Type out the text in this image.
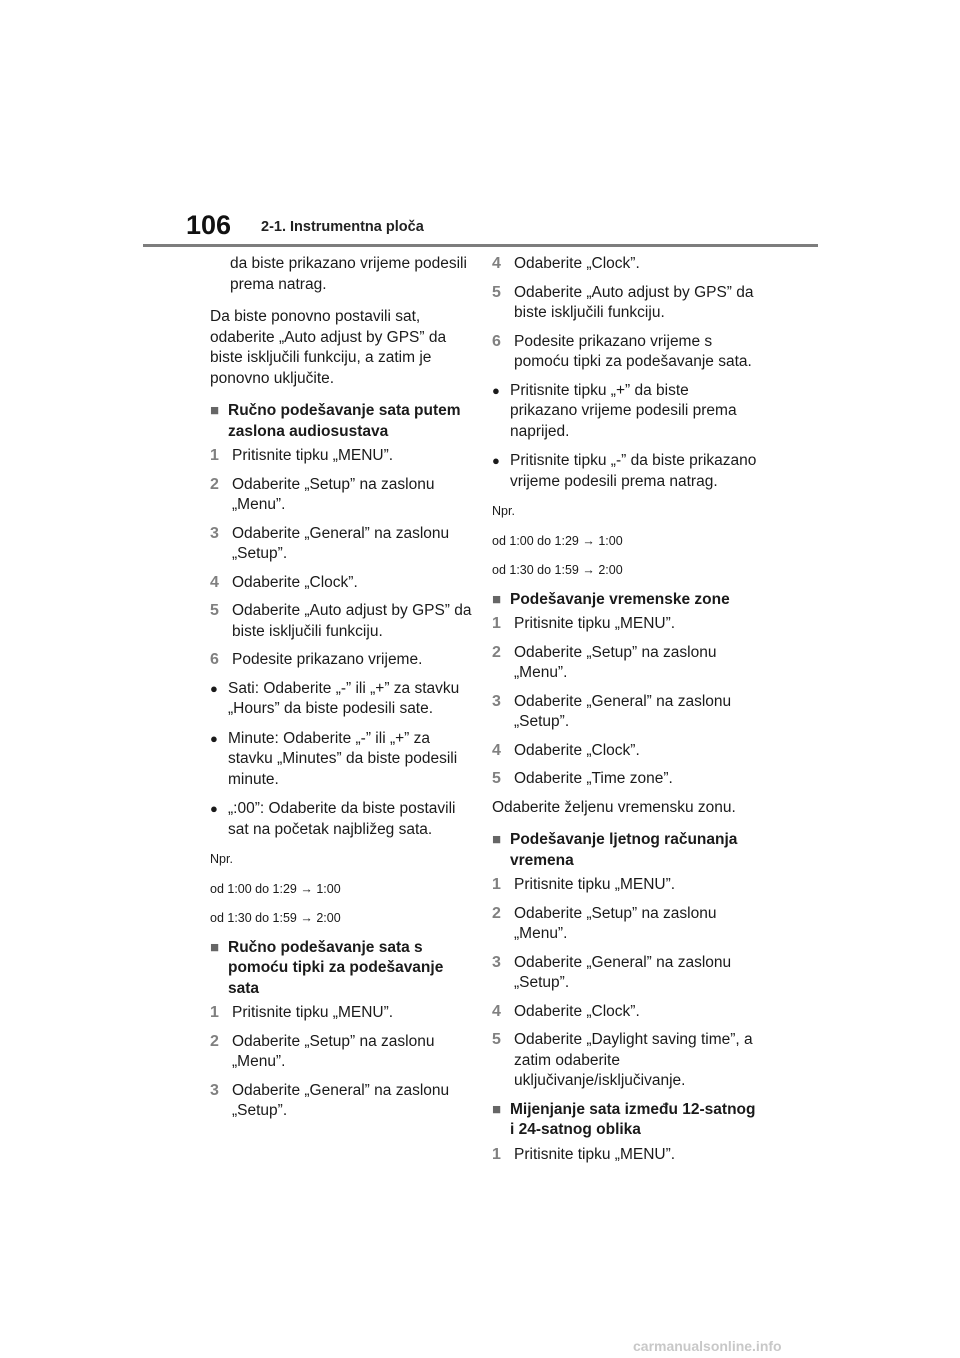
106 2-1. Instrumentna ploča
da biste prikazano vrijeme podesili prema natrag.
Da biste ponovno postavili sat, odaberite „Auto adjust by GPS” da biste isključili funkciju, a zatim je ponovno uključite.
■ Ručno podešavanje sata putem zaslona audiosustava
1 Pritisnite tipku „MENU”.
2 Odaberite „Setup” na zaslonu „Menu”.
3 Odaberite „General” na zaslonu „Setup”.
4 Odaberite „Clock”.
5 Odaberite „Auto adjust by GPS” da biste isključili funkciju.
6 Podesite prikazano vrijeme.
● Sati: Odaberite „-” ili „+” za stavku „Hours” da biste podesili sate.
● Minute: Odaberite „-” ili „+” za stavku „Minutes” da biste podesili minute.
● „:00”: Odaberite da biste postavili sat na početak najbližeg sata.
Npr.
od 1:00 do 1:29 → 1:00
od 1:30 do 1:59 → 2:00
■ Ručno podešavanje sata s pomoću tipki za podešavanje sata
1 Pritisnite tipku „MENU”.
2 Odaberite „Setup” na zaslonu „Menu”.
3 Odaberite „General” na zaslonu „Setup”.
4 Odaberite „Clock”.
5 Odaberite „Auto adjust by GPS” da biste isključili funkciju.
6 Podesite prikazano vrijeme s pomoću tipki za podešavanje sata.
● Pritisnite tipku „+” da biste prikazano vrijeme podesili prema naprijed.
● Pritisnite tipku „-” da biste prikazano vrijeme podesili prema natrag.
Npr.
od 1:00 do 1:29 → 1:00
od 1:30 do 1:59 → 2:00
■ Podešavanje vremenske zone
1 Pritisnite tipku „MENU”.
2 Odaberite „Setup” na zaslonu „Menu”.
3 Odaberite „General” na zaslonu „Setup”.
4 Odaberite „Clock”.
5 Odaberite „Time zone”.
Odaberite željenu vremensku zonu.
■ Podešavanje ljetnog računanja vremena
1 Pritisnite tipku „MENU”.
2 Odaberite „Setup” na zaslonu „Menu”.
3 Odaberite „General” na zaslonu „Setup”.
4 Odaberite „Clock”.
5 Odaberite „Daylight saving time”, a zatim odaberite uključivanje/isključivanje.
■ Mijenjanje sata između 12-satnog i 24-satnog oblika
1 Pritisnite tipku „MENU”.
carmanualsonline.info
